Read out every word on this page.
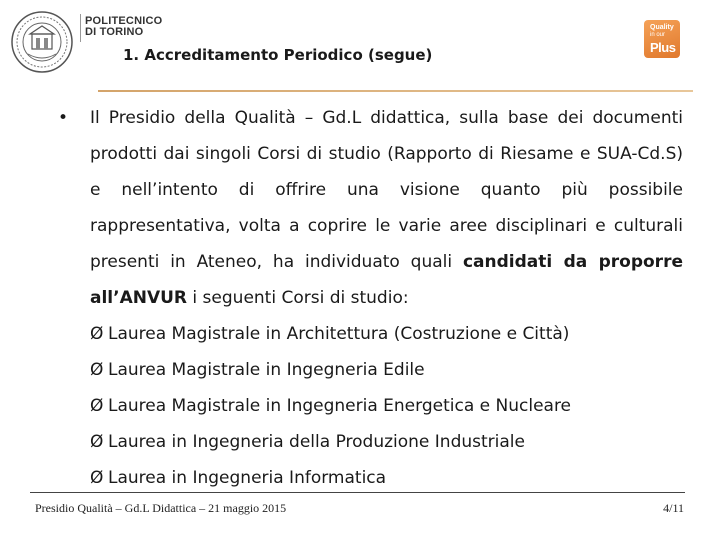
POLITECNICO
DI TORINO
1. Accreditamento Periodico (segue)
Quality
in our
Plus
• Il Presidio della Qualità – Gd.L didattica, sulla base dei documenti prodotti dai singoli Corsi di studio (Rapporto di Riesame e SUA-Cd.S) e nell’intento di offrire una visione quanto più possibile rappresentativa, volta a coprire le varie aree disciplinari e culturali presenti in Ateneo, ha individuato quali candidati da proporre all’ANVUR i seguenti Corsi di studio:
Ø Laurea Magistrale in Architettura (Costruzione e Città)
Ø Laurea Magistrale in Ingegneria Edile
Ø Laurea Magistrale in Ingegneria Energetica e Nucleare
Ø Laurea in Ingegneria della Produzione Industriale
Ø Laurea in Ingegneria Informatica
Presidio Qualità – Gd.L Didattica – 21 maggio 2015	4/11
